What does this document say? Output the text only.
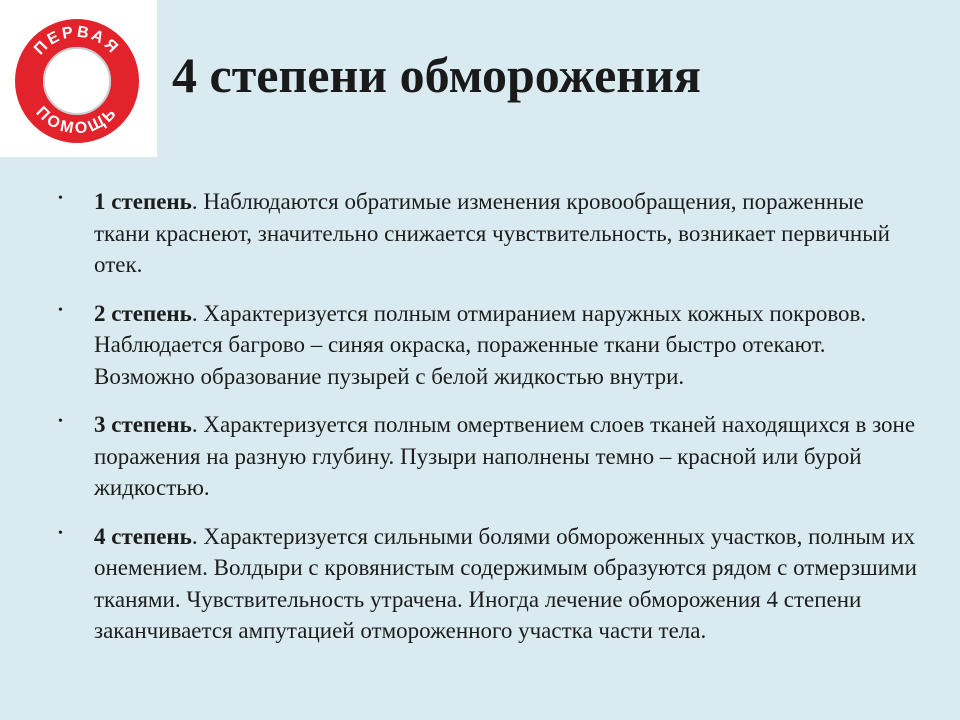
ПЕРВАЯ
ПОМОЩЬ
4 степени обморожения
• 1 степень. Наблюдаются обратимые изменения кровообращения, пораженные ткани краснеют, значительно снижается чувствительность, возникает первичный отек.
• 2 степень. Характеризуется полным отмиранием наружных кожных покровов. Наблюдается багрово – синяя окраска, пораженные ткани быстро отекают. Возможно образование пузырей с белой жидкостью внутри.
• 3 степень. Характеризуется полным омертвением слоев тканей находящихся в зоне поражения на разную глубину. Пузыри наполнены темно – красной или бурой жидкостью.
• 4 степень. Характеризуется сильными болями обмороженных участков, полным их онемением. Волдыри с кровянистым содержимым образуются рядом с отмерзшими тканями. Чувствительность утрачена. Иногда лечение обморожения 4 степени заканчивается ампутацией отмороженного участка части тела.
